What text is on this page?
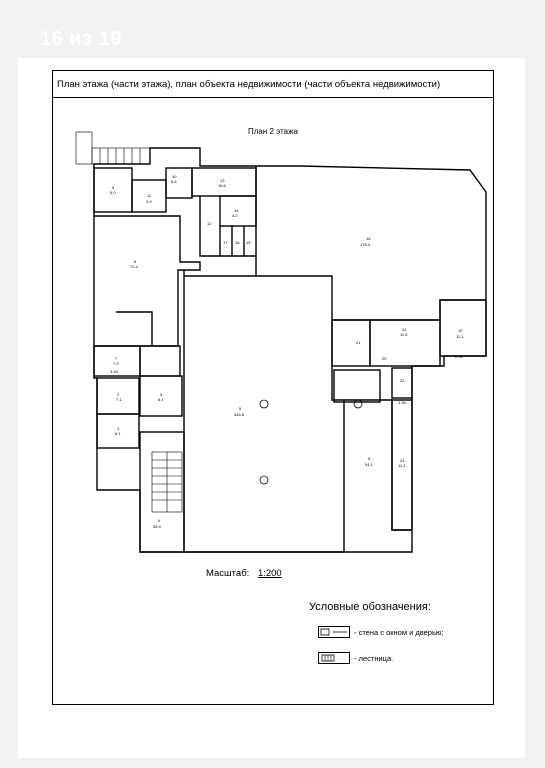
16 из 19
План этажа (части этажа), план объекта недвижимости (части объекта недвижимости)
План 2 этажа
9
5.0
10
6.6
11
3.9
13
15.6
12
14
4.2
17 16 15
18
178.4
8
72.4
7
7.9
3.49
2
7.1
3
6.1
1
6.1
5
346.8
4
38.9
19
11.1
2.92
22
11.5
21
20
23
1.36
6
54.1
24
12.1
Масштаб: 1:200
Условные обозначения:
- стена с окном и дверью;
- лестница.
